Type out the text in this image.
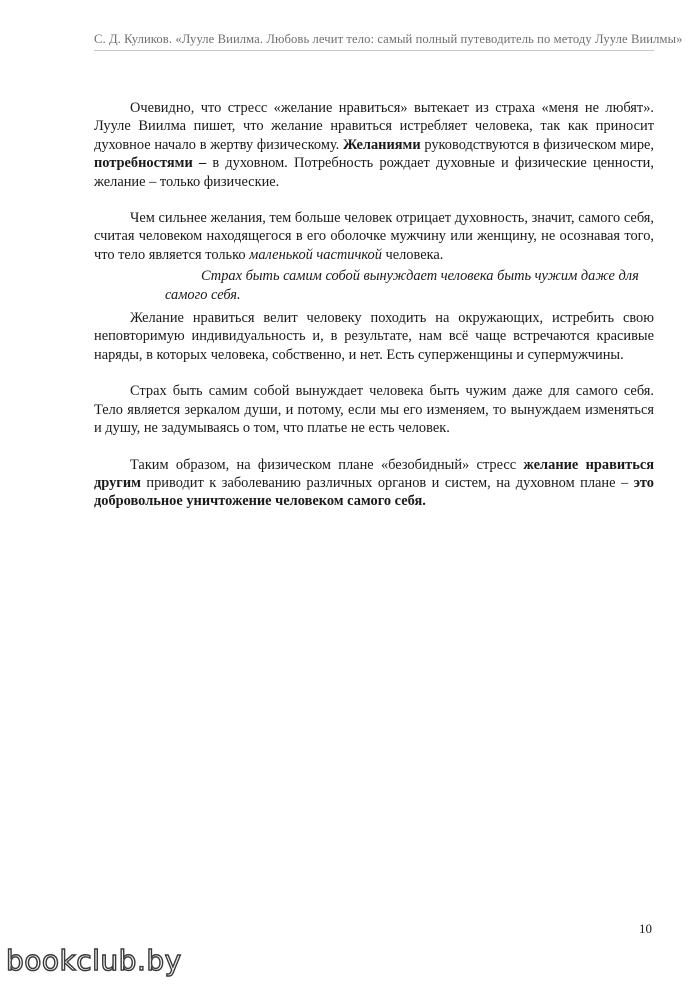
С. Д. Куликов. «Лууле Виилма. Любовь лечит тело: самый полный путеводитель по методу Лууле Виилмы»

Очевидно, что стресс «желание нравиться» вытекает из страха «меня не любят». Лууле Виилма пишет, что желание нравиться истребляет человека, так как приносит духовное начало в жертву физическому. Желаниями руководствуются в физическом мире, потребностями – в духовном. Потребность рождает духовные и физические ценности, желание – только физические.

Чем сильнее желания, тем больше человек отрицает духовность, значит, самого себя, считая человеком находящегося в его оболочке мужчину или женщину, не осознавая того, что тело является только маленькой частичкой человека.

Страх быть самим собой вынуждает человека быть чужим даже для
самого себя.

Желание нравиться велит человеку походить на окружающих, истребить свою неповторимую индивидуальность и, в результате, нам всё чаще встречаются красивые наряды, в которых человека, собственно, и нет. Есть суперженщины и супермужчины.

Страх быть самим собой вынуждает человека быть чужим даже для самого себя. Тело является зеркалом души, и потому, если мы его изменяем, то вынуждаем изменяться и душу, не задумываясь о том, что платье не есть человек.

Таким образом, на физическом плане «безобидный» стресс желание нравиться другим приводит к заболеванию различных органов и систем, на духовном плане – это добровольное уничтожение человеком самого себя.

10
bookclub.by
